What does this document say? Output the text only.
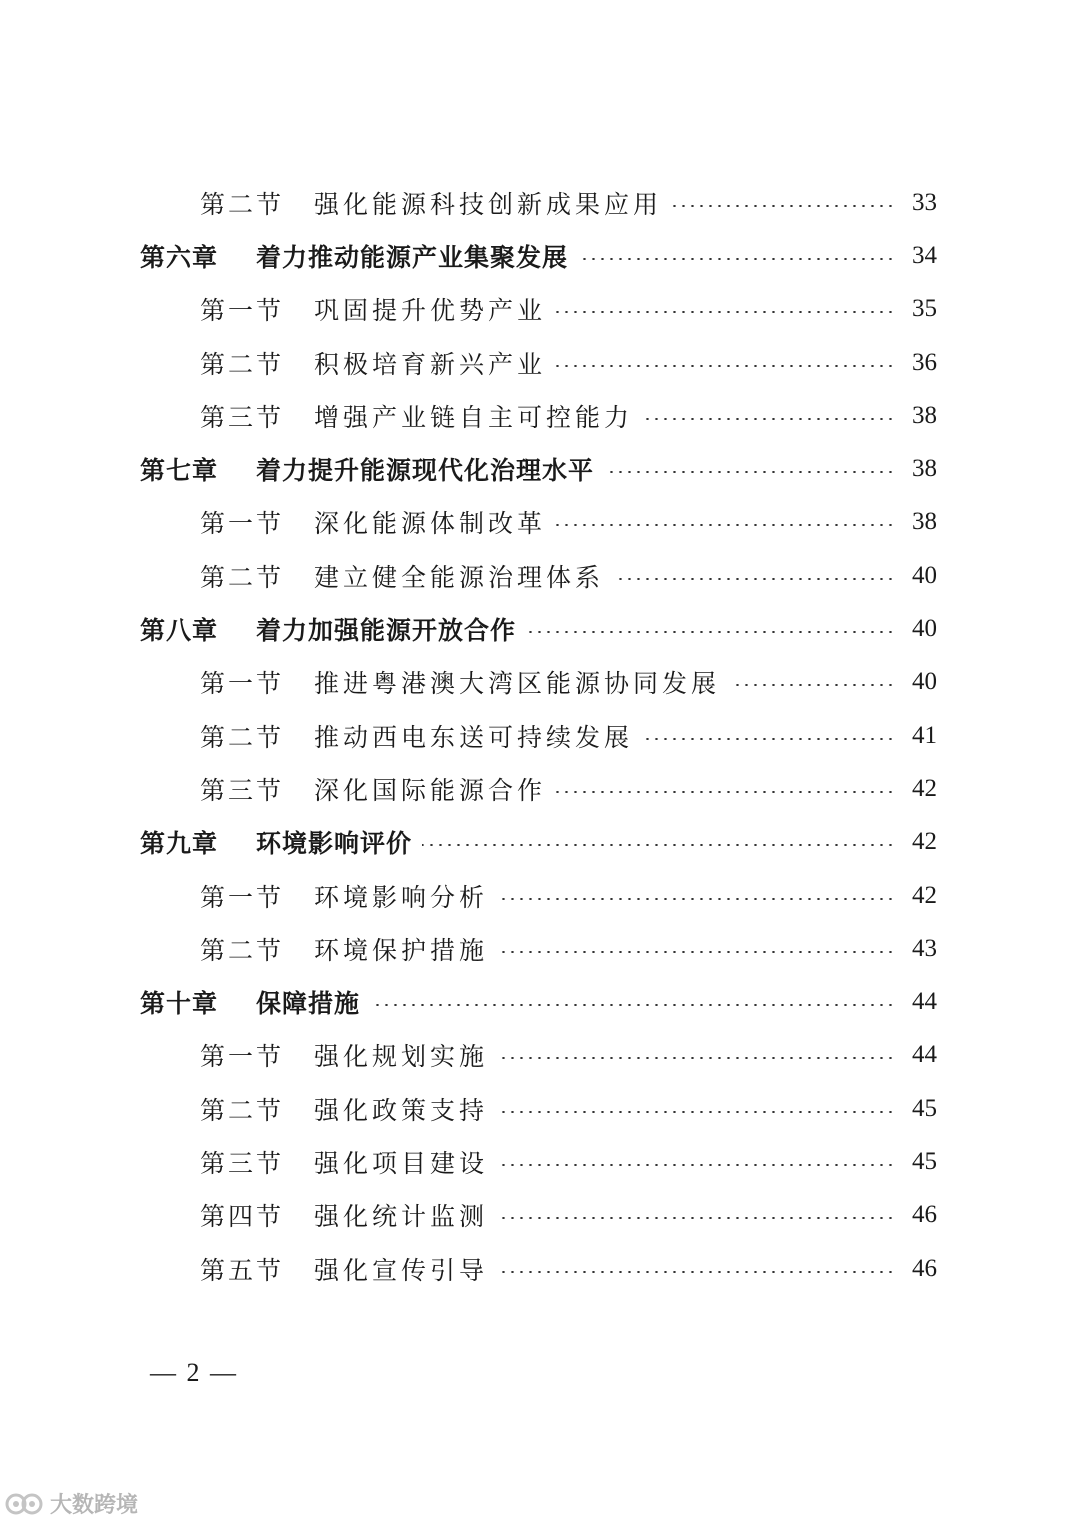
第二节	强化能源科技创新成果应用	33
第六章	着力推动能源产业集聚发展	34
第一节	巩固提升优势产业	35
第二节	积极培育新兴产业	36
第三节	增强产业链自主可控能力	38
第七章	着力提升能源现代化治理水平	38
第一节	深化能源体制改革	38
第二节	建立健全能源治理体系	40
第八章	着力加强能源开放合作	40
第一节	推进粤港澳大湾区能源协同发展	40
第二节	推动西电东送可持续发展	41
第三节	深化国际能源合作	42
第九章	环境影响评价	42
第一节	环境影响分析	42
第二节	环境保护措施	43
第十章	保障措施	44
第一节	强化规划实施	44
第二节	强化政策支持	45
第三节	强化项目建设	45
第四节	强化统计监测	46
第五节	强化宣传引导	46
— 2 —
大数跨境
